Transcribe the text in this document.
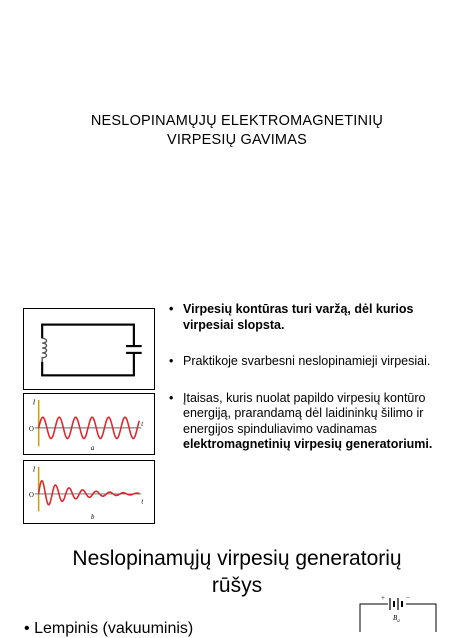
NESLOPINAMŲJŲ ELEKTROMAGNETINIŲ
VIRPESIŲ GAVIMAS
I
O
t
a
I
O
t
b
• Virpesių kontūras turi varžą, dėl kurios virpesiai slopsta.
• Praktikoje svarbesni neslopinamieji virpesiai.
• Įtaisas, kuris nuolat papildo virpesių kontūro energiją, prarandamą dėl laidininkų šilimo ir energijos spinduliavimo vadinamas elektromagnetinių virpesių generatoriumi.
Neslopinamųjų virpesių generatorių
rūšys
• Lempinis (vakuuminis)
+	−
$B_a$
